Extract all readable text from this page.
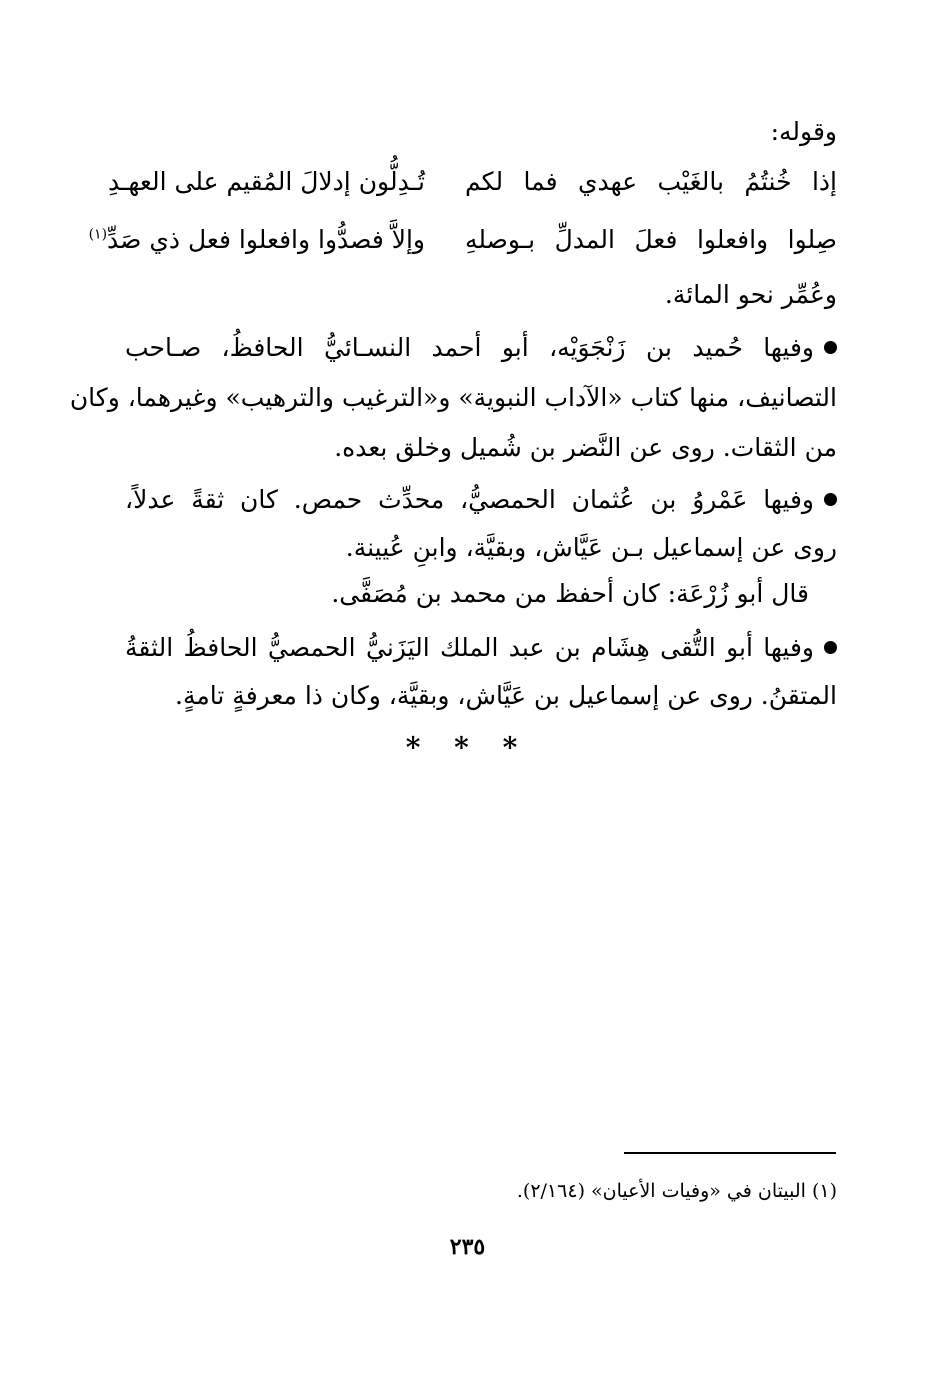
وقوله:
إذا خُنتُمُ بالغَيْب عهدي فما لكم
تُـدِلُّون إدلالَ المُقيم على العهـدِ
صِلوا وافعلوا فعلَ المدلِّ بـوصلهِ
وإلاَّ فصدُّوا وافعلوا فعل ذي صَدِّ$^{(١)}$
وعُمِّر نحو المائة.
وفيها حُميد بن زَنْجَوَيْه، أبو أحمد النسـائيُّ الحافظُ، صـاحب
التصانيف، منها كتاب «الآداب النبوية» و«الترغيب والترهيب» وغيرهما، وكان
من الثقات. روى عن النَّضر بن شُميل وخلق بعده.
وفيها عَمْروُ بن عُثمان الحمصيُّ، محدِّث حمص. كان ثقةً عدلاً،
روى عن إسماعيل بـن عَيَّاش، وبقيَّة، وابنِ عُيينة.
قال أبو زُرْعَة: كان أحفظ من محمد بن مُصَفَّى.
وفيها أبو التُّقى هِشَام بن عبد الملك اليَزَنيُّ الحمصيُّ الحافظُ الثقةُ
المتقنُ. روى عن إسماعيل بن عَيَّاش، وبقيَّة، وكان ذا معرفةٍ تامةٍ.
* * *
(١) البيتان في «وفيات الأعيان» (٢/١٦٤).
٢٣٥
